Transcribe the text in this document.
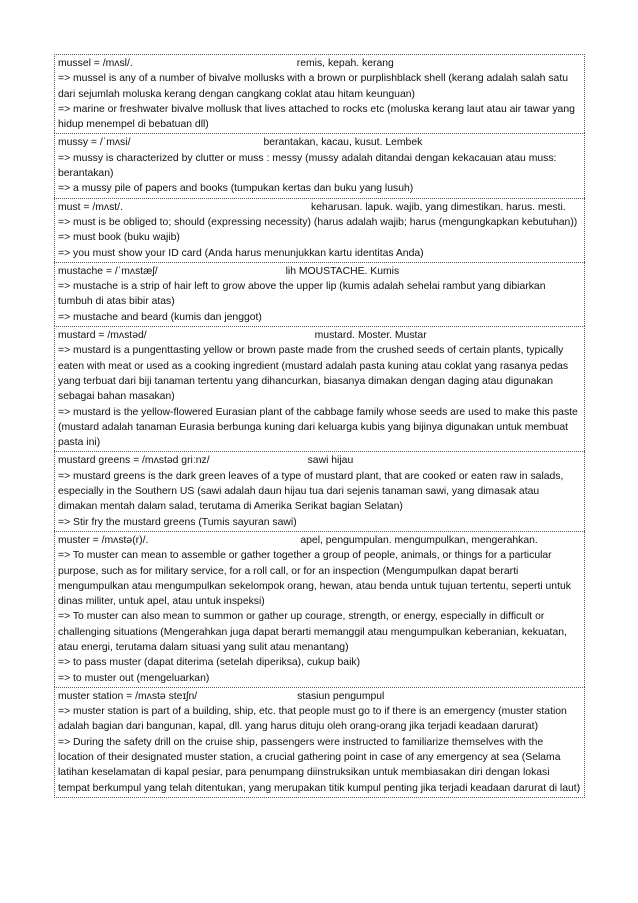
mussel = /mʌsl/.	remis, kepah. kerang
=> mussel is any of a number of bivalve mollusks with a brown or purplishblack shell (kerang adalah salah satu dari sejumlah moluska kerang dengan cangkang coklat atau hitam keunguan)
=> marine or freshwater bivalve mollusk that lives attached to rocks etc (moluska kerang laut atau air tawar yang hidup menempel di bebatuan dll)
mussy = /ˈmʌsi/	berantakan, kacau, kusut. Lembek
=> mussy is characterized by clutter or muss : messy (mussy adalah ditandai dengan kekacauan atau muss: berantakan)
=> a mussy pile of papers and books (tumpukan kertas dan buku yang lusuh)
must = /mʌst/.	keharusan. lapuk. wajib, yang dimestikan. harus. mesti.
=> must is be obliged to; should (expressing necessity) (harus adalah wajib; harus (mengungkapkan kebutuhan))
=> must book (buku wajib)
=> you must show your ID card (Anda harus menunjukkan kartu identitas Anda)
mustache = /ˈmʌstæʃ/	lih MOUSTACHE. Kumis
=> mustache is a strip of hair left to grow above the upper lip (kumis adalah sehelai rambut yang dibiarkan tumbuh di atas bibir atas)
=> mustache and beard (kumis dan jenggot)
mustard = /mʌstəd/	mustard. Moster. Mustar
=> mustard is a pungenttasting yellow or brown paste made from the crushed seeds of certain plants, typically eaten with meat or used as a cooking ingredient (mustard adalah pasta kuning atau coklat yang rasanya pedas yang terbuat dari biji tanaman tertentu yang dihancurkan, biasanya dimakan dengan daging atau digunakan sebagai bahan masakan)
=> mustard is the yellow-flowered Eurasian plant of the cabbage family whose seeds are used to make this paste (mustard adalah tanaman Eurasia berbunga kuning dari keluarga kubis yang bijinya digunakan untuk membuat pasta ini)
mustard greens = /mʌstəd griːnz/	sawi hijau
=> mustard greens is the dark green leaves of a type of mustard plant, that are cooked or eaten raw in salads, especially in the Southern US (sawi adalah daun hijau tua dari sejenis tanaman sawi, yang dimasak atau dimakan mentah dalam salad, terutama di Amerika Serikat bagian Selatan)
=> Stir fry the mustard greens (Tumis sayuran sawi)
muster = /mʌstə(r)/.	apel, pengumpulan. mengumpulkan, mengerahkan.
=> To muster can mean to assemble or gather together a group of people, animals, or things for a particular purpose, such as for military service, for a roll call, or for an inspection (Mengumpulkan dapat berarti mengumpulkan atau mengumpulkan sekelompok orang, hewan, atau benda untuk tujuan tertentu, seperti untuk dinas militer, untuk apel, atau untuk inspeksi)
=> To muster can also mean to summon or gather up courage, strength, or energy, especially in difficult or challenging situations (Mengerahkan juga dapat berarti memanggil atau mengumpulkan keberanian, kekuatan, atau energi, terutama dalam situasi yang sulit atau menantang)
=> to pass muster (dapat diterima (setelah diperiksa), cukup baik)
=> to muster out (mengeluarkan)
muster station = /mʌstə steɪʃn/	stasiun pengumpul
=> muster station is part of a building, ship, etc. that people must go to if there is an emergency (muster station adalah bagian dari bangunan, kapal, dll. yang harus dituju oleh orang-orang jika terjadi keadaan darurat)
=> During the safety drill on the cruise ship, passengers were instructed to familiarize themselves with the location of their designated muster station, a crucial gathering point in case of any emergency at sea (Selama latihan keselamatan di kapal pesiar, para penumpang diinstruksikan untuk membiasakan diri dengan lokasi tempat berkumpul yang telah ditentukan, yang merupakan titik kumpul penting jika terjadi keadaan darurat di laut)
